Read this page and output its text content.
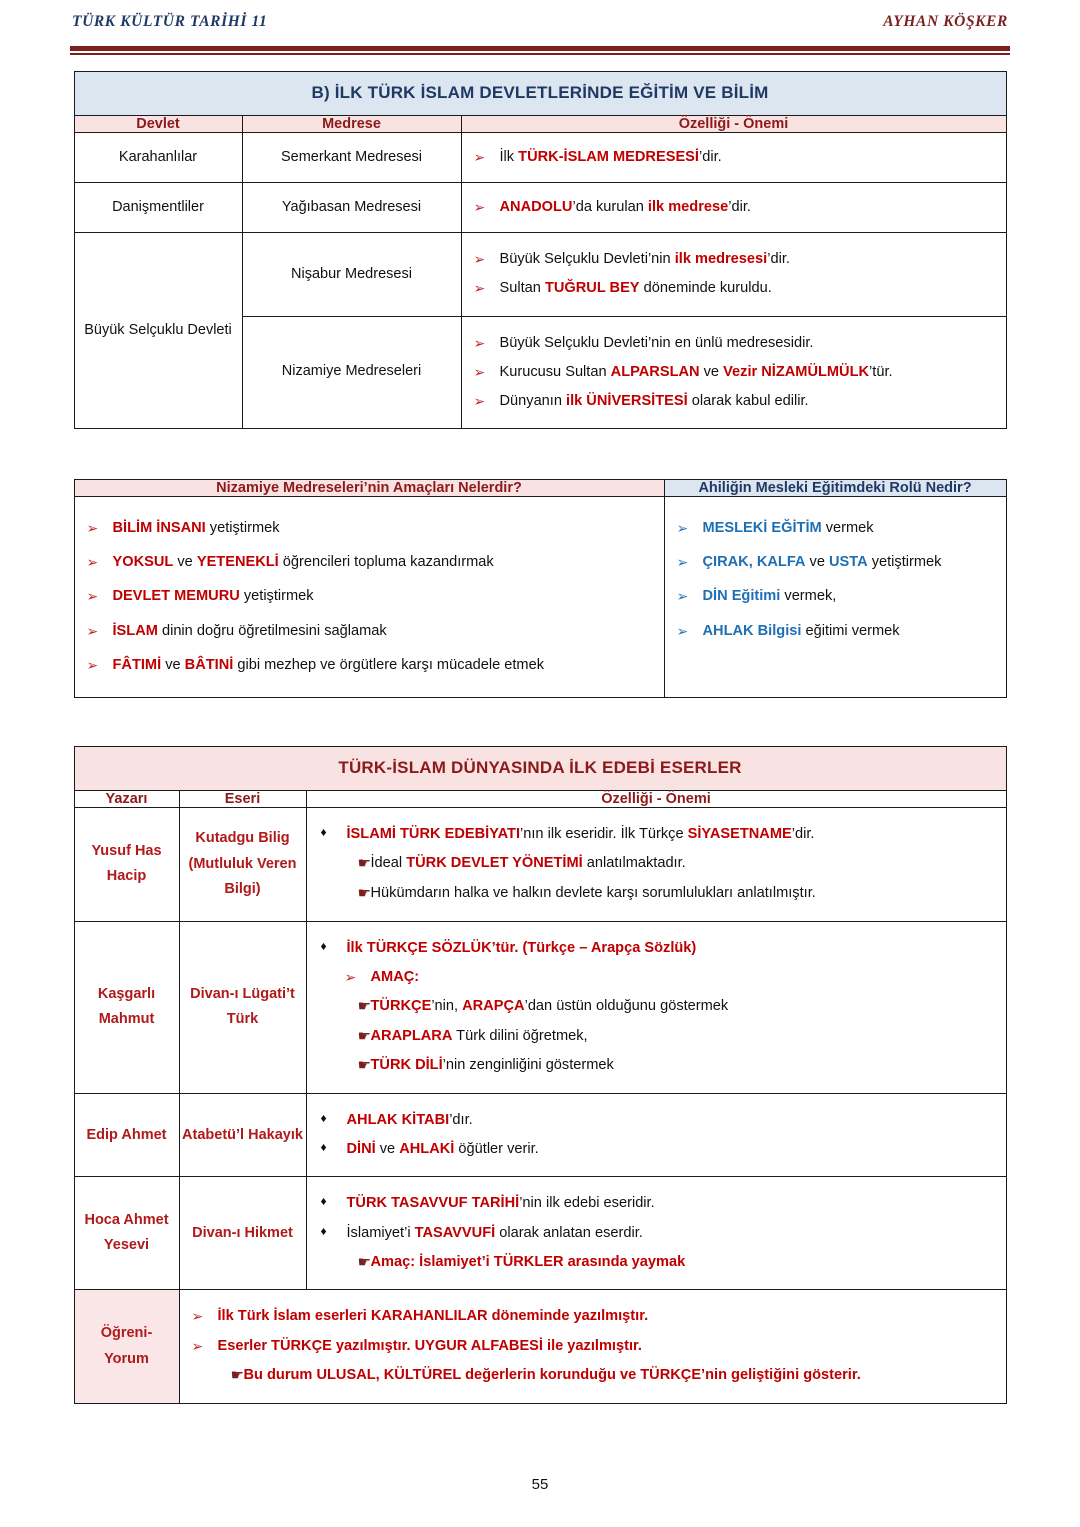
TÜRK KÜLTÜR TARİHİ 11	AYHAN KÖŞKER
B) İLK TÜRK İSLAM DEVLETLERİNDE EĞİTİM VE BİLİM		

Devlet	Medrese	Özelliği - Önemi
Karahanlılar	Semerkant Medresesi	➢ İlk TÜRK-İSLAM MEDRESESİ’dir.

Danişmentliler	Yağıbasan Medresesi	➢ ANADOLU’da kurulan ilk medrese’dir.

Büyük Selçuklu Devleti	Nişabur Medresesi	
➢ Büyük Selçuklu Devleti’nin ilk medresesi’dir.
➢ Sultan TUĞRUL BEY döneminde kuruldu.

Nizamiye Medreseleri	
➢ Büyük Selçuklu Devleti’nin en ünlü medresesidir.
➢ Kurucusu Sultan ALPARSLAN ve Vezir NİZAMÜLMÜLK’tür.
➢ Dünyanın ilk ÜNİVERSİTESİ olarak kabul edilir.
Nizamiye Medreseleri’nin Amaçları Nelerdir?	Ahiliğin Mesleki Eğitimdeki Rolü Nedir?

➢ BİLİM İNSANI yetiştirmek
➢ YOKSUL ve YETENEKLİ öğrencileri topluma kazandırmak
➢ DEVLET MEMURU yetiştirmek
➢ İSLAM dinin doğru öğretilmesini sağlamak
➢ FÂTIMİ ve BÂTINİ gibi mezhep ve örgütlere karşı mücadele etmek

➢ MESLEKİ EĞİTİM vermek
➢ ÇIRAK, KALFA ve USTA yetiştirmek
➢ DİN Eğitimi vermek,
➢ AHLAK Bilgisi eğitimi vermek
TÜRK-İSLAM DÜNYASINDA İLK EDEBİ ESERLER		

Yazarı	Eseri	Özelliği - Önemi
Yusuf Has Hacip	Kutadgu Bilig
(Mutluluk Veren Bilgi)	
♦	İSLAMİ TÜRK EDEBİYATI’nın ilk eseridir. İlk Türkçe SİYASETNAME’dir.
☚ İdeal TÜRK DEVLET YÖNETİMİ anlatılmaktadır.
☚ Hükümdarın halka ve halkın devlete karşı sorumlulukları anlatılmıştır.

Kaşgarlı Mahmut	Divan-ı Lügati’t Türk	
♦	İlk TÜRKÇE SÖZLÜK’tür. (Türkçe – Arapça Sözlük)
➢ AMAÇ:
☚ TÜRKÇE’nin, ARAPÇA’dan üstün olduğunu göstermek
☚ ARAPLARA Türk dilini öğretmek,
☚ TÜRK DİLİ’nin zenginliğini göstermek

Edip Ahmet	Atabetü’l Hakayık	
♦	AHLAK KİTABI’dır.
♦	DİNİ ve AHLAKİ öğütler verir.

Hoca Ahmet Yesevi	Divan-ı Hikmet	
♦	TÜRK TASAVVUF TARİHİ’nin ilk edebi eseridir.
♦	İslamiyet’i TASAVVUFİ olarak anlatan eserdir.
☚ Amaç: İslamiyet’i TÜRKLER arasında yaymak

Öğreni-
Yorum	
➢ İlk Türk İslam eserleri KARAHANLILAR döneminde yazılmıştır.
➢ Eserler TÜRKÇE yazılmıştır. UYGUR ALFABESİ ile yazılmıştır.
☚ Bu durum ULUSAL, KÜLTÜREL değerlerin korunduğu ve TÜRKÇE’nin geliştiğini gösterir.
55
